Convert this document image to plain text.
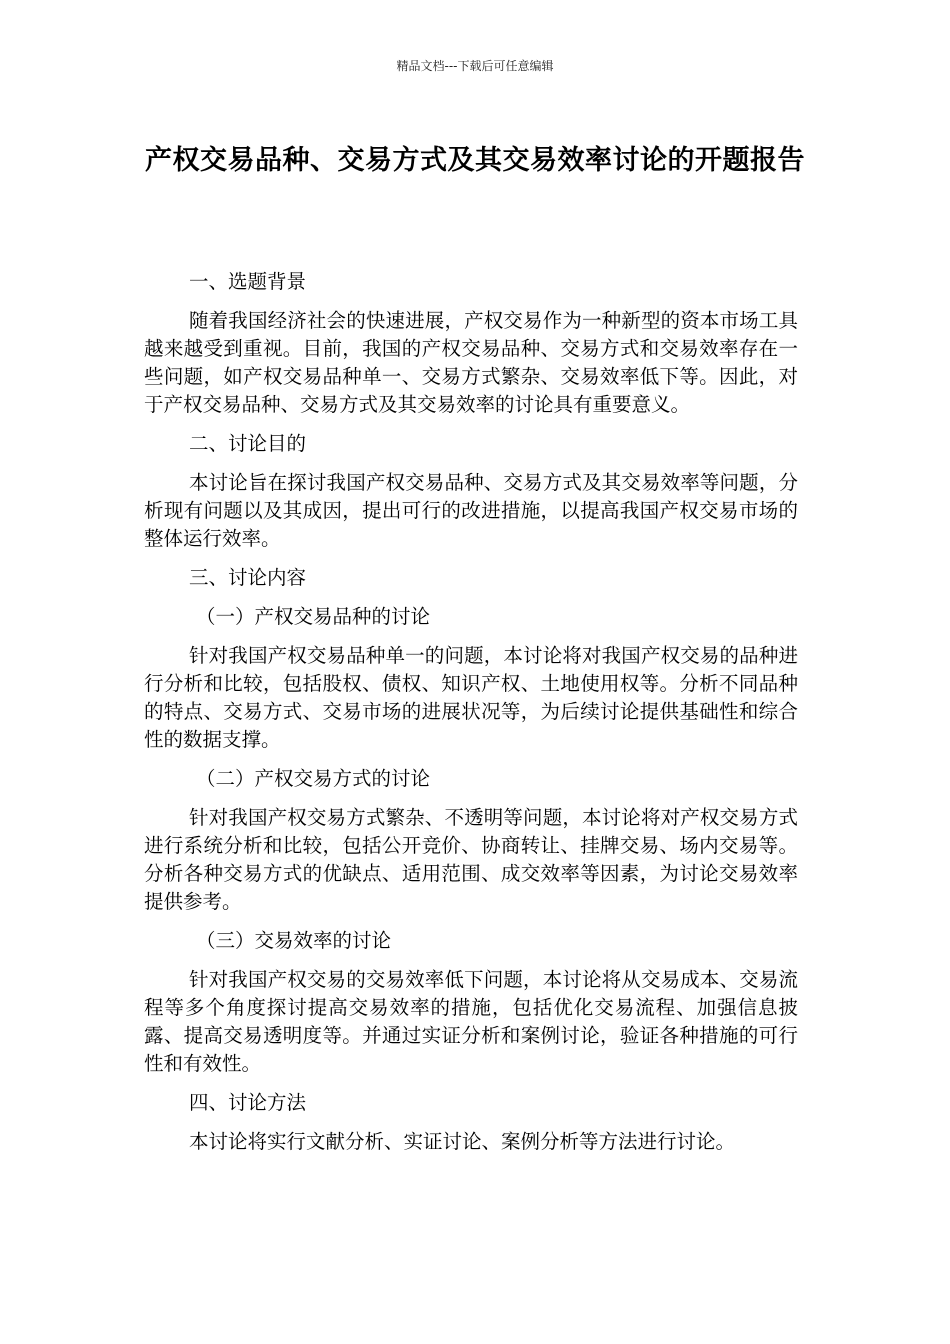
精品文档---下载后可任意编辑
产权交易品种、交易方式及其交易效率讨论的开题报告

一、选题背景

随着我国经济社会的快速进展，产权交易作为一种新型的资本市场工具越来越受到重视。目前，我国的产权交易品种、交易方式和交易效率存在一些问题，如产权交易品种单一、交易方式繁杂、交易效率低下等。因此，对于产权交易品种、交易方式及其交易效率的讨论具有重要意义。

二、讨论目的

本讨论旨在探讨我国产权交易品种、交易方式及其交易效率等问题，分析现有问题以及其成因，提出可行的改进措施，以提高我国产权交易市场的整体运行效率。

三、讨论内容

（一）产权交易品种的讨论

针对我国产权交易品种单一的问题，本讨论将对我国产权交易的品种进行分析和比较，包括股权、债权、知识产权、土地使用权等。分析不同品种的特点、交易方式、交易市场的进展状况等，为后续讨论提供基础性和综合性的数据支撑。

（二）产权交易方式的讨论

针对我国产权交易方式繁杂、不透明等问题，本讨论将对产权交易方式进行系统分析和比较，包括公开竞价、协商转让、挂牌交易、场内交易等。分析各种交易方式的优缺点、适用范围、成交效率等因素，为讨论交易效率提供参考。

（三）交易效率的讨论

针对我国产权交易的交易效率低下问题，本讨论将从交易成本、交易流程等多个角度探讨提高交易效率的措施，包括优化交易流程、加强信息披露、提高交易透明度等。并通过实证分析和案例讨论，验证各种措施的可行性和有效性。

四、讨论方法

本讨论将实行文献分析、实证讨论、案例分析等方法进行讨论。
